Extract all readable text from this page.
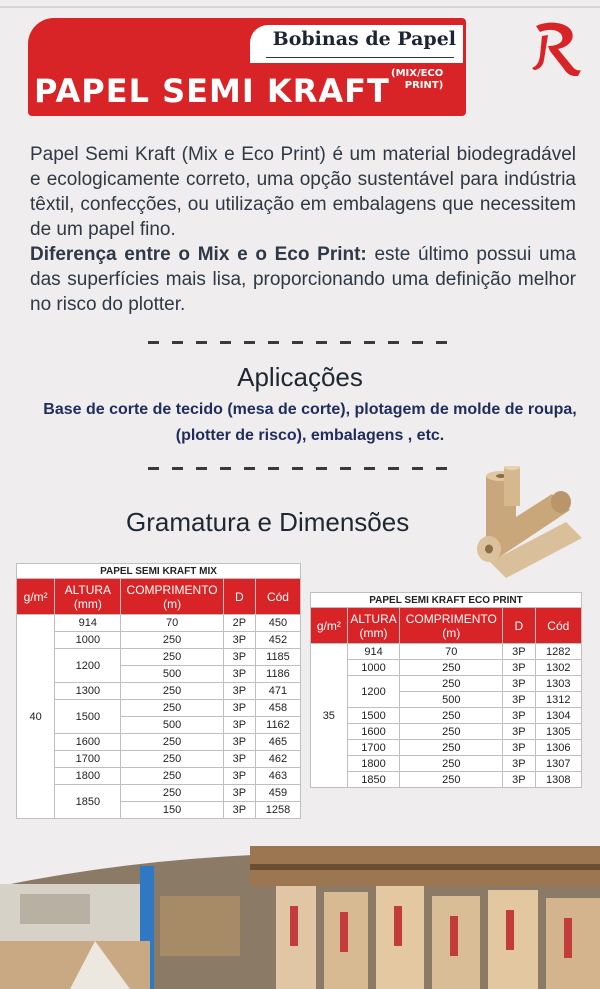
Bobinas de Papel
PAPEL SEMI KRAFT (MIX/ECO
PRINT)

Papel Semi Kraft (Mix e Eco Print) é um material biodegradável e ecologicamente correto, uma opção sustentável para indústria têxtil, confecções, ou utilização em embalagens que necessitem de um papel fino.

Diferença entre o Mix e o Eco Print: este último possui uma das superfícies mais lisa, proporcionando uma definição melhor no risco do plotter.

Aplicações
Base de corte de tecido (mesa de corte), plotagem de molde de roupa, (plotter de risco), embalagens , etc.
Gramatura e Dimensões
PAPEL SEMI KRAFT MIX				
g/m²	ALTURA (mm)	COMPRIMENTO (m)	D	Cód
40	914	70	2P	450
	1000	250	3P	452
	1200	250	3P	1185
		500	3P	1186
	1300	250	3P	471
	1500	250	3P	458
		500	3P	1162
	1600	250	3P	465
	1700	250	3P	462
	1800	250	3P	463
	1850	250	3P	459
		150	3P	1258
PAPEL SEMI KRAFT ECO PRINT				
g/m²	ALTURA (mm)	COMPRIMENTO (m)	D	Cód
35	914	70	3P	1282
	1000	250	3P	1302
	1200	250	3P	1303
		500	3P	1312
	1500	250	3P	1304
	1600	250	3P	1305
	1700	250	3P	1306
	1800	250	3P	1307
	1850	250	3P	1308
